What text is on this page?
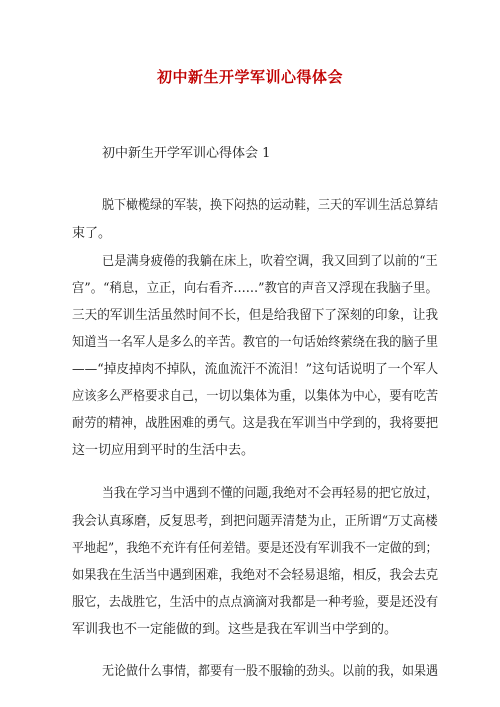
初中新生开学军训心得体会
初中新生开学军训心得体会 1
脱下橄榄绿的军装，换下闷热的运动鞋，三天的军训生活总算结
束了。
已是满身疲倦的我躺在床上，吹着空调，我又回到了以前的“王
宫”。“稍息，立正，向右看齐……”教官的声音又浮现在我脑子里。
三天的军训生活虽然时间不长，但是给我留下了深刻的印象，让我
知道当一名军人是多么的辛苦。教官的一句话始终萦绕在我的脑子里
——“掉皮掉肉不掉队，流血流汗不流泪！”这句话说明了一个军人
应该多么严格要求自己，一切以集体为重，以集体为中心，要有吃苦
耐劳的精神，战胜困难的勇气。这是我在军训当中学到的，我将要把
这一切应用到平时的生活中去。
当我在学习当中遇到不懂的问题,我绝对不会再轻易的把它放过，
我会认真琢磨，反复思考，到把问题弄清楚为止，正所谓“万丈高楼
平地起”，我绝不充许有任何差错。要是还没有军训我不一定做的到；
如果我在生活当中遇到困难，我绝对不会轻易退缩，相反，我会去克
服它，去战胜它，生活中的点点滴滴对我都是一种考验，要是还没有
军训我也不一定能做的到。这些是我在军训当中学到的。
无论做什么事情，都要有一股不服输的劲头。以前的我，如果遇
